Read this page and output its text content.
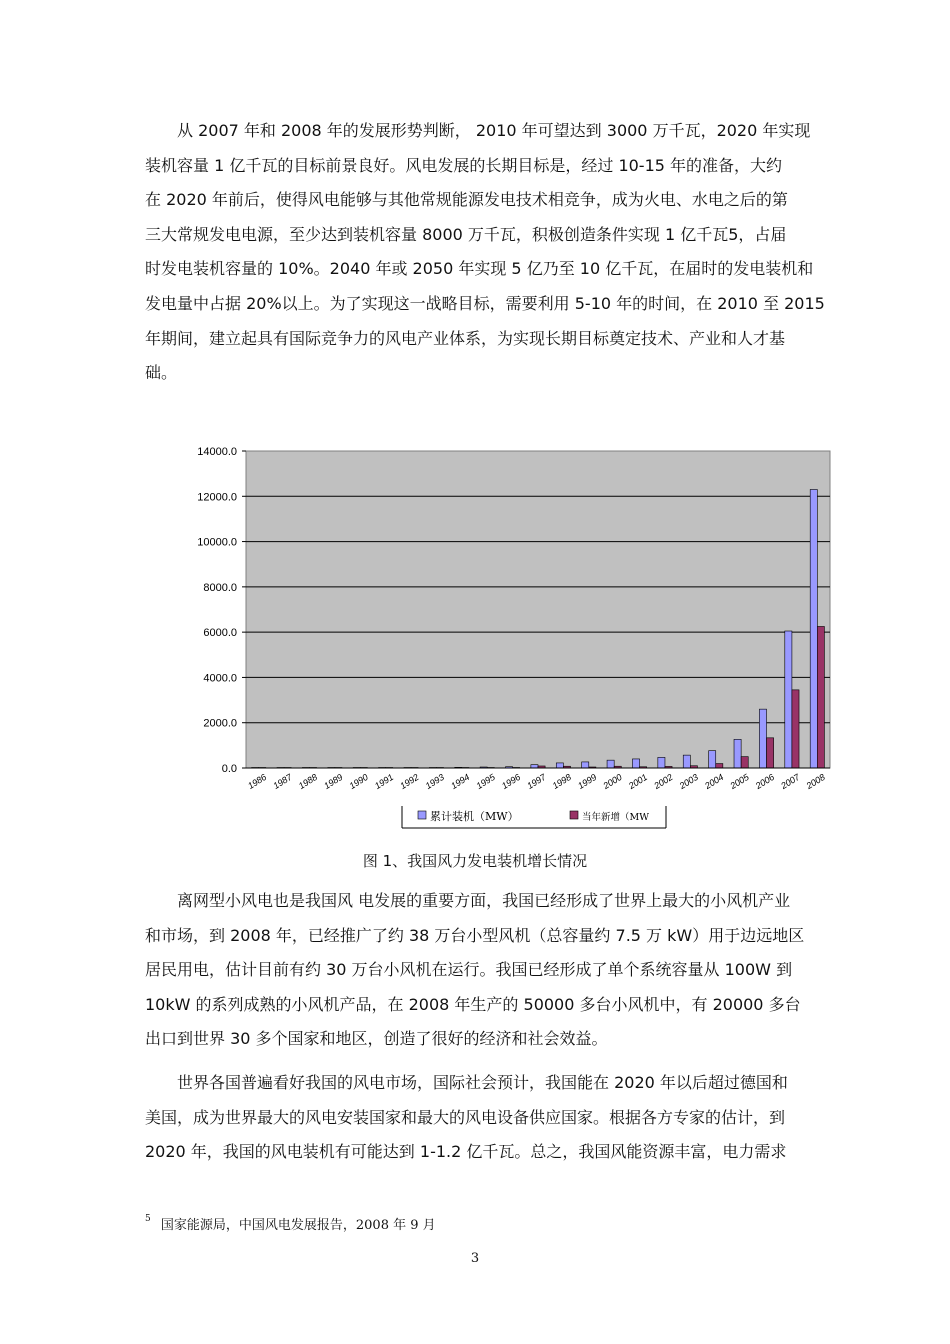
从 2007 年和 2008 年的发展形势判断， 2010 年可望达到 3000 万千瓦，2020 年实现
装机容量 1 亿千瓦的目标前景良好。风电发展的长期目标是，经过 10-15 年的准备，大约
在 2020 年前后，使得风电能够与其他常规能源发电技术相竞争，成为火电、水电之后的第
三大常规发电电源，至少达到装机容量 8000 万千瓦，积极创造条件实现 1 亿千瓦5，占届
时发电装机容量的 10%。2040 年或 2050 年实现 5 亿乃至 10 亿千瓦，在届时的发电装机和
发电量中占据 20%以上。为了实现这一战略目标，需要利用 5-10 年的时间，在 2010 至 2015
年期间，建立起具有国际竞争力的风电产业体系，为实现长期目标奠定技术、产业和人才基
础。
0.0
2000.0
4000.0
6000.0
8000.0
10000.0
12000.0
14000.0
1986 1987 1988 1989 1990 1991 1992 1993 1994 1995 1996 1997 1998 1999 2000 2001 2002 2003 2004 2005 2006 2007 2008
累计装机（MW）	当年新增（MW
图 1、我国风力发电装机增长情况
离网型小风电也是我国风 电发展的重要方面，我国已经形成了世界上最大的小风机产业
和市场，到 2008 年，已经推广了约 38 万台小型风机（总容量约 7.5 万 kW）用于边远地区
居民用电，估计目前有约 30 万台小风机在运行。我国已经形成了单个系统容量从 100W 到
10kW 的系列成熟的小风机产品，在 2008 年生产的 50000 多台小风机中，有 20000 多台
出口到世界 30 多个国家和地区，创造了很好的经济和社会效益。
世界各国普遍看好我国的风电市场，国际社会预计，我国能在 2020 年以后超过德国和
美国，成为世界最大的风电安装国家和最大的风电设备供应国家。根据各方专家的估计，到
2020 年，我国的风电装机有可能达到 1-1.2 亿千瓦。总之，我国风能资源丰富，电力需求
$^5$ 国家能源局，中国风电发展报告，2008 年 9 月
3
